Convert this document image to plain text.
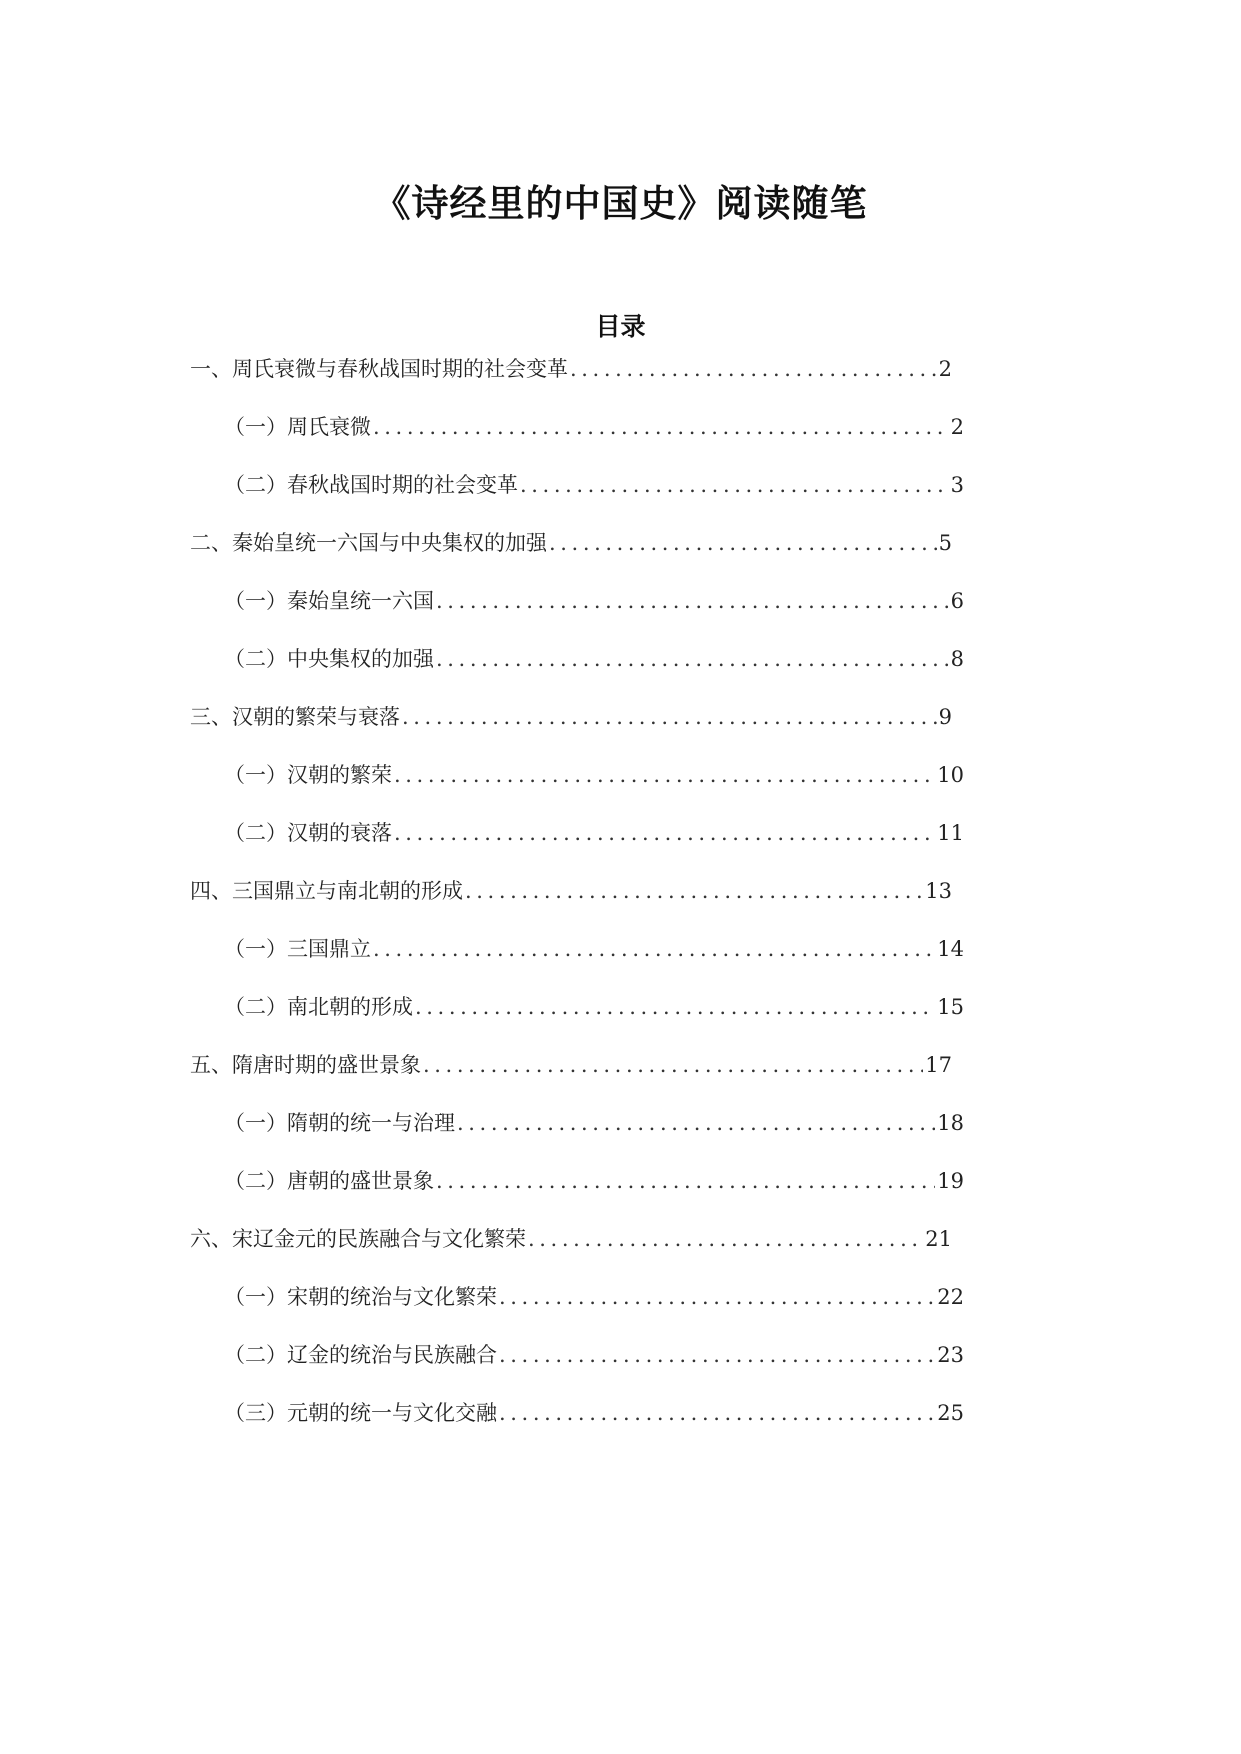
《诗经里的中国史》阅读随笔
目录
一、周氏衰微与春秋战国时期的社会变革 .....	2
（一）周氏衰微 .....	2
（二）春秋战国时期的社会变革 .....	3
二、秦始皇统一六国与中央集权的加强 .....	5
（一）秦始皇统一六国 .....	6
（二）中央集权的加强 .....	8
三、汉朝的繁荣与衰落 .....	9
（一）汉朝的繁荣 .....	10
（二）汉朝的衰落 .....	11
四、三国鼎立与南北朝的形成 .....	13
（一）三国鼎立 .....	14
（二）南北朝的形成 .....	15
五、隋唐时期的盛世景象 .....	17
（一）隋朝的统一与治理 .....	18
（二）唐朝的盛世景象 .....	19
六、宋辽金元的民族融合与文化繁荣 .....	21
（一）宋朝的统治与文化繁荣 .....	22
（二）辽金的统治与民族融合 .....	23
（三）元朝的统一与文化交融 .....	25
